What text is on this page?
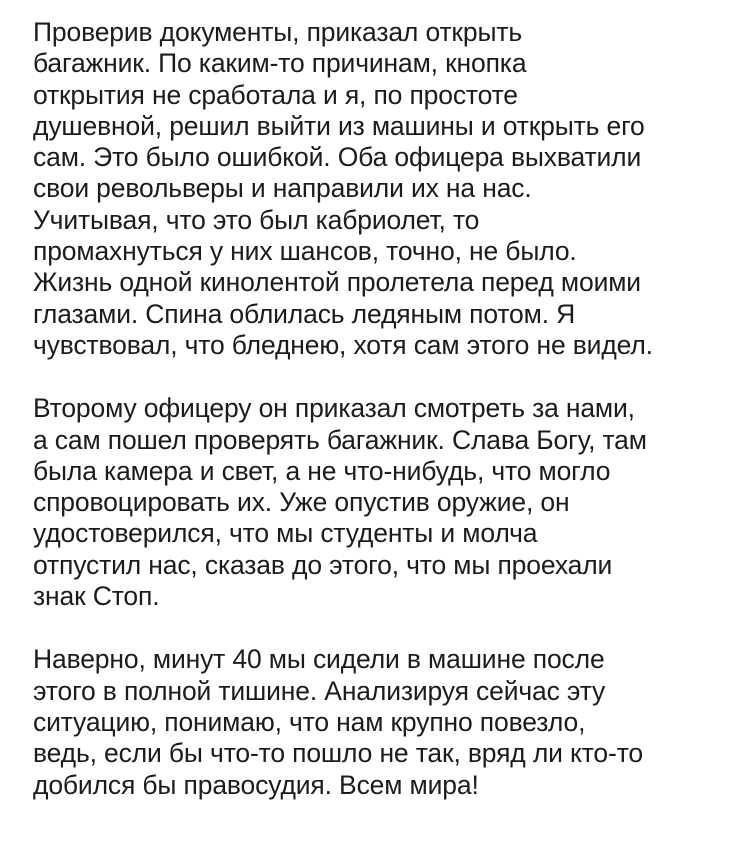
Проверив документы, приказал открыть
багажник. По каким-то причинам, кнопка
открытия не сработала и я, по простоте
душевной, решил выйти из машины и открыть его
сам. Это было ошибкой. Оба офицера выхватили
свои револьверы и направили их на нас.
Учитывая, что это был кабриолет, то
промахнуться у них шансов, точно, не было.
Жизнь одной кинолентой пролетела перед моими
глазами. Спина облилась ледяным потом. Я
чувствовал, что бледнею, хотя сам этого не видел.

Второму офицеру он приказал смотреть за нами,
а сам пошел проверять багажник. Слава Богу, там
была камера и свет, а не что-нибудь, что могло
спровоцировать их. Уже опустив оружие, он
удостоверился, что мы студенты и молча
отпустил нас, сказав до этого, что мы проехали
знак Стоп.

Наверно, минут 40 мы сидели в машине после
этого в полной тишине. Анализируя сейчас эту
ситуацию, понимаю, что нам крупно повезло,
ведь, если бы что-то пошло не так, вряд ли кто-то
добился бы правосудия. Всем мира!
